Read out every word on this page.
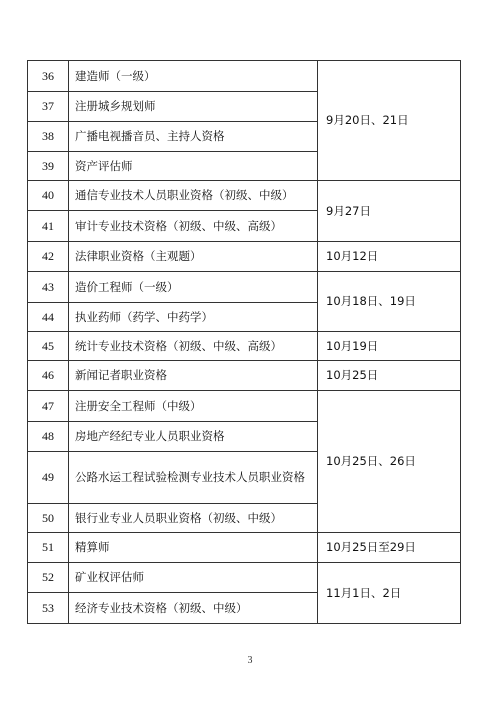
36	建造师（一级）	9月20日、21日
37	注册城乡规划师	
38	广播电视播音员、主持人资格	
39	资产评估师	
40	通信专业技术人员职业资格（初级、中级）	9月27日
41	审计专业技术资格（初级、中级、高级）	
42	法律职业资格（主观题）	10月12日
43	造价工程师（一级）	10月18日、19日
44	执业药师（药学、中药学）	
45	统计专业技术资格（初级、中级、高级）	10月19日
46	新闻记者职业资格	10月25日
47	注册安全工程师（中级）	10月25日、26日
48	房地产经纪专业人员职业资格	
49	公路水运工程试验检测专业技术人员职业资格	
50	银行业专业人员职业资格（初级、中级）	
51	精算师	10月25日至29日
52	矿业权评估师	11月1日、2日
53	经济专业技术资格（初级、中级）	
3
